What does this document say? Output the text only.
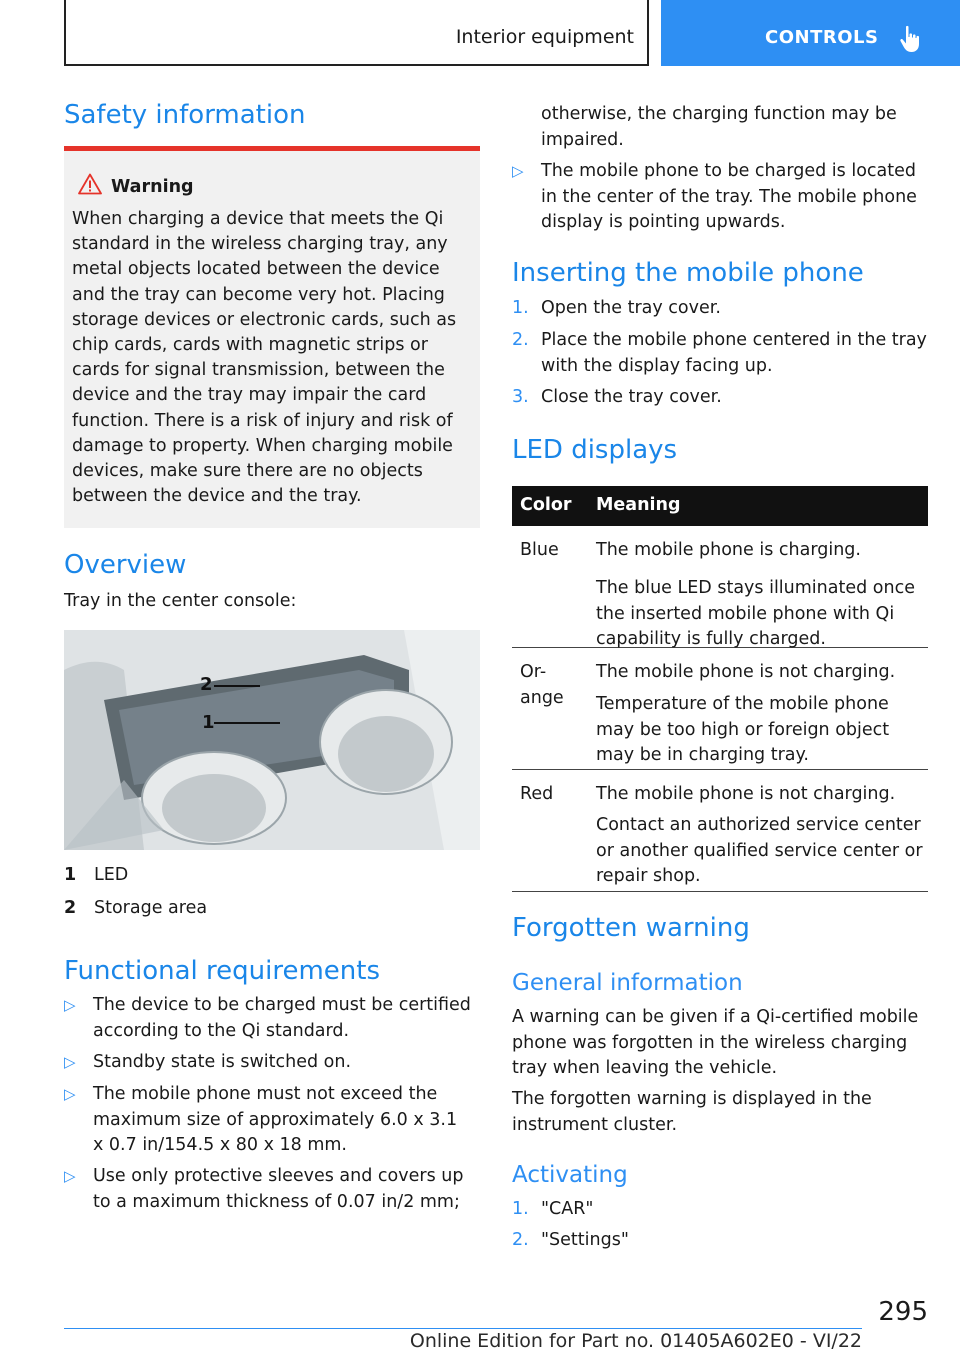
Interior equipment	CONTROLS
Safety information
Warning
When charging a device that meets the Qi standard in the wireless charging tray, any metal objects located between the device and the tray can become very hot. Placing storage devices or electronic cards, such as chip cards, cards with magnetic strips or cards for signal transmission, between the device and the tray may impair the card function. There is a risk of injury and risk of damage to property. When charging mobile devices, make sure there are no objects between the device and the tray.
Overview
Tray in the center console:
2
1
1 LED
2 Storage area
Functional requirements
▷ The device to be charged must be certified
according to the Qi standard.
▷ Standby state is switched on.
▷ The mobile phone must not exceed the
maximum size of approximately 6.0 x 3.1
x 0.7 in/154.5 x 80 x 18 mm.
▷ Use only protective sleeves and covers up
to a maximum thickness of 0.07 in/2 mm;
otherwise, the charging function may be
impaired.
▷ The mobile phone to be charged is located
in the center of the tray. The mobile phone
display is pointing upwards.
Inserting the mobile phone
1. Open the tray cover.
2. Place the mobile phone centered in the tray
with the display facing up.
3. Close the tray cover.
LED displays
Color Meaning
Blue The mobile phone is charging.
The blue LED stays illuminated once the inserted mobile phone with Qi capability is fully charged.
Or-
ange
The mobile phone is not charging.
Temperature of the mobile phone may be too high or foreign object may be in charging tray.
Red The mobile phone is not charging.
Contact an authorized service center or another qualified service center or repair shop.
Forgotten warning
General information
A warning can be given if a Qi-certified mobile phone was forgotten in the wireless charging tray when leaving the vehicle.
The forgotten warning is displayed in the instrument cluster.
Activating
1. "CAR"
2. "Settings"
295
Online Edition for Part no. 01405A602E0 - VI/22
